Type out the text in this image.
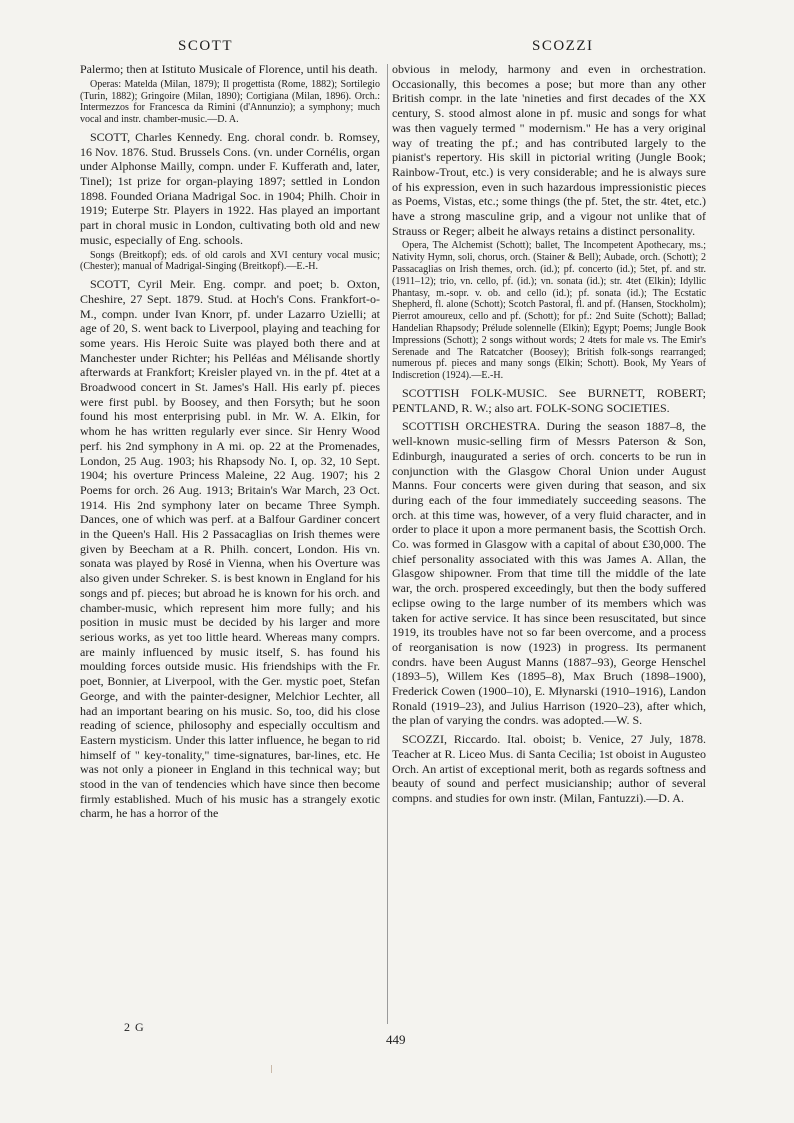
SCOTT	SCOZZI

Palermo; then at Istituto Musicale of Florence, until his death.

Operas: Matelda (Milan, 1879); Il progettista (Rome, 1882); Sortilegio (Turin, 1882); Gringoire (Milan, 1890); Cortigiana (Milan, 1896). Orch.: Intermezzos for Francesca da Rimini (d'Annunzio); a symphony; much vocal and instr. chamber-music.—D. A.

SCOTT, Charles Kennedy. Eng. choral condr. b. Romsey, 16 Nov. 1876. Stud. Brussels Cons. (vn. under Cornélis, organ under Alphonse Mailly, compn. under F. Kufferath and, later, Tinel); 1st prize for organ-playing 1897; settled in London 1898. Founded Oriana Madrigal Soc. in 1904; Philh. Choir in 1919; Euterpe Str. Players in 1922. Has played an important part in choral music in London, cultivating both old and new music, especially of Eng. schools.

Songs (Breitkopf); eds. of old carols and XVI century vocal music; (Chester); manual of Madrigal-Singing (Breitkopf).—E.-H.

SCOTT, Cyril Meir. Eng. compr. and poet; b. Oxton, Cheshire, 27 Sept. 1879. Stud. at Hoch's Cons. Frankfort-o-M., compn. under Ivan Knorr, pf. under Lazarro Uzielli; at age of 20, S. went back to Liverpool, playing and teaching for some years. His Heroic Suite was played both there and at Manchester under Richter; his Pelléas and Mélisande shortly afterwards at Frankfort; Kreisler played vn. in the pf. 4tet at a Broadwood concert in St. James's Hall. His early pf. pieces were first publ. by Boosey, and then Forsyth; but he soon found his most enterprising publ. in Mr. W. A. Elkin, for whom he has written regularly ever since. Sir Henry Wood perf. his 2nd symphony in A mi. op. 22 at the Promenades, London, 25 Aug. 1903; his Rhapsody No. I, op. 32, 10 Sept. 1904; his overture Princess Maleine, 22 Aug. 1907; his 2 Poems for orch. 26 Aug. 1913; Britain's War March, 23 Oct. 1914. His 2nd symphony later on became Three Symph. Dances, one of which was perf. at a Balfour Gardiner concert in the Queen's Hall. His 2 Passacaglias on Irish themes were given by Beecham at a R. Philh. concert, London. His vn. sonata was played by Rosé in Vienna, when his Overture was also given under Schreker. S. is best known in England for his songs and pf. pieces; but abroad he is known for his orch. and chamber-music, which represent him more fully; and his position in music must be decided by his larger and more serious works, as yet too little heard. Whereas many comprs. are mainly influenced by music itself, S. has found his moulding forces outside music. His friendships with the Fr. poet, Bonnier, at Liverpool, with the Ger. mystic poet, Stefan George, and with the painter-designer, Melchior Lechter, all had an important bearing on his music. So, too, did his close reading of science, philosophy and especially occultism and Eastern mysticism. Under this latter influence, he began to rid himself of " key-tonality," time-signatures, bar-lines, etc. He was not only a pioneer in England in this technical way; but stood in the van of tendencies which have since then become firmly established. Much of his music has a strangely exotic charm, he has a horror of the

obvious in melody, harmony and even in orchestration. Occasionally, this becomes a pose; but more than any other British compr. in the late 'nineties and first decades of the XX century, S. stood almost alone in pf. music and songs for what was then vaguely termed " modernism." He has a very original way of treating the pf.; and has contributed largely to the pianist's repertory. His skill in pictorial writing (Jungle Book; Rainbow-Trout, etc.) is very considerable; and he is always sure of his expression, even in such hazardous impressionistic pieces as Poems, Vistas, etc.; some things (the pf. 5tet, the str. 4tet, etc.) have a strong masculine grip, and a vigour not unlike that of Strauss or Reger; albeit he always retains a distinct personality.

Opera, The Alchemist (Schott); ballet, The Incompetent Apothecary, ms.; Nativity Hymn, soli, chorus, orch. (Stainer & Bell); Aubade, orch. (Schott); 2 Passacaglias on Irish themes, orch. (id.); pf. concerto (id.); 5tet, pf. and str. (1911–12); trio, vn. cello, pf. (id.); vn. sonata (id.); str. 4tet (Elkin); Idyllic Phantasy, m.-sopr. v. ob. and cello (id.); pf. sonata (id.); The Ecstatic Shepherd, fl. alone (Schott); Scotch Pastoral, fl. and pf. (Hansen, Stockholm); Pierrot amoureux, cello and pf. (Schott); for pf.: 2nd Suite (Schott); Ballad; Handelian Rhapsody; Prélude solennelle (Elkin); Egypt; Poems; Jungle Book Impressions (Schott); 2 songs without words; 2 4tets for male vs. The Emir's Serenade and The Ratcatcher (Boosey); British folk-songs rearranged; numerous pf. pieces and many songs (Elkin; Schott). Book, My Years of Indiscretion (1924).—E.-H.

SCOTTISH FOLK-MUSIC. See BURNETT, ROBERT; PENTLAND, R. W.; also art. FOLK-SONG SOCIETIES.

SCOTTISH ORCHESTRA. During the season 1887–8, the well-known music-selling firm of Messrs Paterson & Son, Edinburgh, inaugurated a series of orch. concerts to be run in conjunction with the Glasgow Choral Union under August Manns. Four concerts were given during that season, and six during each of the four immediately succeeding seasons. The orch. at this time was, however, of a very fluid character, and in order to place it upon a more permanent basis, the Scottish Orch. Co. was formed in Glasgow with a capital of about £30,000. The chief personality associated with this was James A. Allan, the Glasgow shipowner. From that time till the middle of the late war, the orch. prospered exceedingly, but then the body suffered eclipse owing to the large number of its members which was taken for active service. It has since been resuscitated, but since 1919, its troubles have not so far been overcome, and a process of reorganisation is now (1923) in progress. Its permanent condrs. have been August Manns (1887–93), George Henschel (1893–5), Willem Kes (1895–8), Max Bruch (1898–1900), Frederick Cowen (1900–10), E. Młynarski (1910–1916), Landon Ronald (1919–23), and Julius Harrison (1920–23), after which, the plan of varying the condrs. was adopted.—W. S.

SCOZZI, Riccardo. Ital. oboist; b. Venice, 27 July, 1878. Teacher at R. Liceo Mus. di Santa Cecilia; 1st oboist in Augusteo Orch. An artist of exceptional merit, both as regards softness and beauty of sound and perfect musicianship; author of several compns. and studies for own instr. (Milan, Fantuzzi).—D. A.

2 G
449
